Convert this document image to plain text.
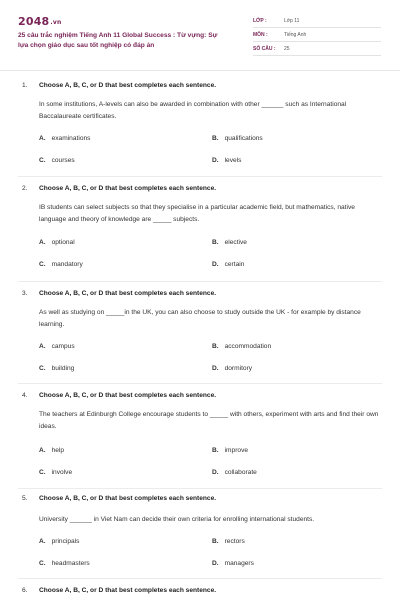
2048.vn
25 câu trắc nghiệm Tiếng Anh 11 Global Success : Từ vựng: Sự lựa chọn giáo dục sau tốt nghiệp có đáp án
LỚP :	Lớp 11
MÔN :	Tiếng Anh
SỐ CÂU : 25
1. Choose A, B, C, or D that best completes each sentence.
In some institutions, A-levels can also be awarded in combination with other ______ such as International Baccalaureate certificates.
A. examinations	B. qualifications
C. courses	D. levels
2. Choose A, B, C, or D that best completes each sentence.
IB students can select subjects so that they specialise in a particular academic field, but mathematics, native language and theory of knowledge are _____ subjects.
A. optional	B. elective
C. mandatory	D. certain
3. Choose A, B, C, or D that best completes each sentence.
As well as studying on _____in the UK, you can also choose to study outside the UK - for example by distance learning.
A. campus	B. accommodation
C. building	D. dormitory
4. Choose A, B, C, or D that best completes each sentence.
The teachers at Edinburgh College encourage students to _____ with others, experiment with arts and find their own ideas.
A. help	B. improve
C. involve	D. collaborate
5. Choose A, B, C, or D that best completes each sentence.
University ______ in Viet Nam can decide their own criteria for enrolling international students.
A. principals	B. rectors
C. headmasters	D. managers
6. Choose A, B, C, or D that best completes each sentence.
